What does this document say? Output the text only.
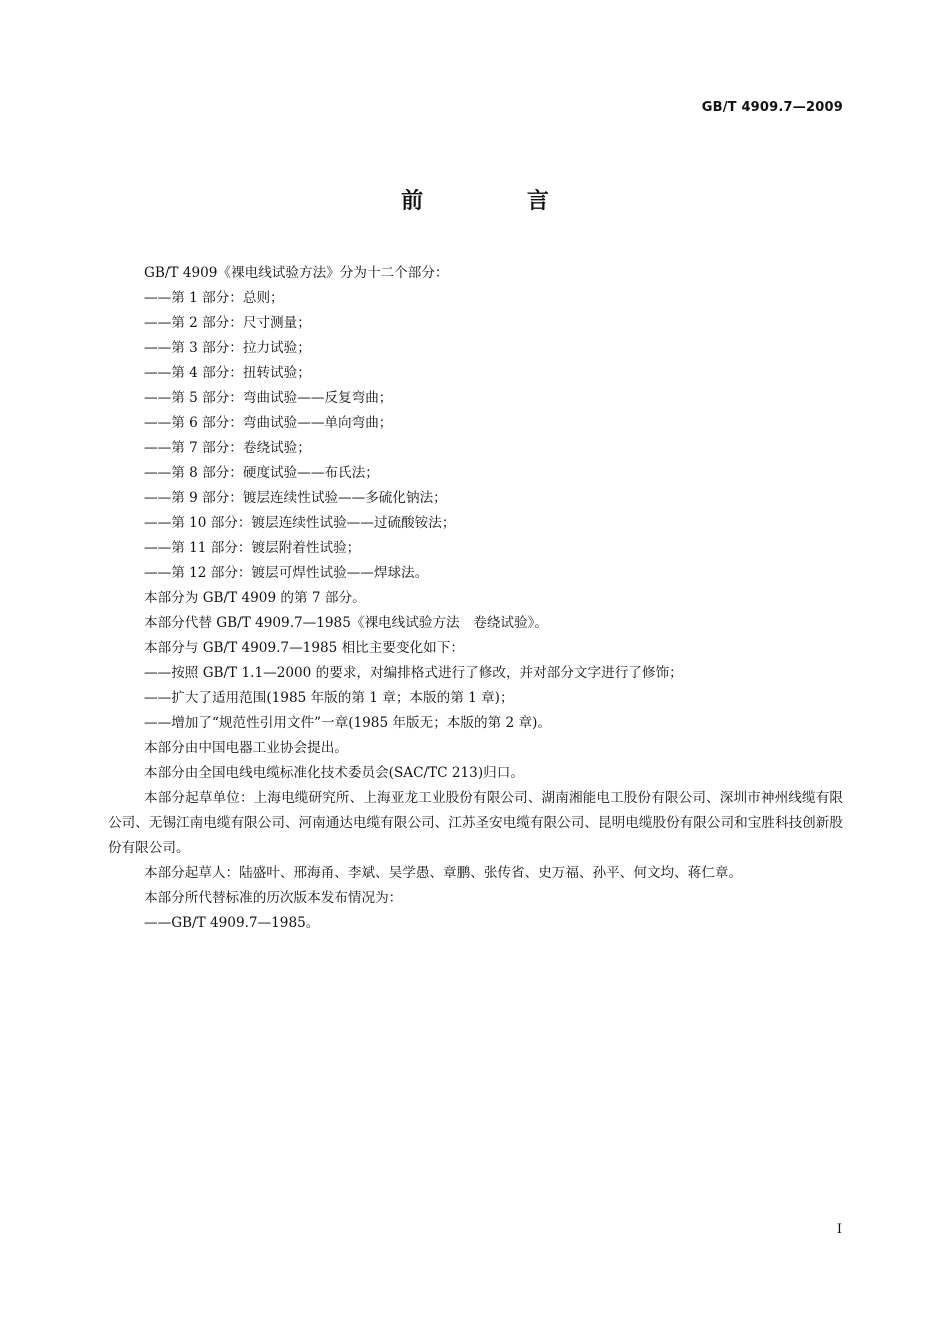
GB/T 4909.7—2009
前 言

GB/T 4909《裸电线试验方法》分为十二个部分：

——第 1 部分：总则；

——第 2 部分：尺寸测量；

——第 3 部分：拉力试验；

——第 4 部分：扭转试验；

——第 5 部分：弯曲试验——反复弯曲；

——第 6 部分：弯曲试验——单向弯曲；

——第 7 部分：卷绕试验；

——第 8 部分：硬度试验——布氏法；

——第 9 部分：镀层连续性试验——多硫化钠法；

——第 10 部分：镀层连续性试验——过硫酸铵法；

——第 11 部分：镀层附着性试验；

——第 12 部分：镀层可焊性试验——焊球法。

本部分为 GB/T 4909 的第 7 部分。

本部分代替 GB/T 4909.7—1985《裸电线试验方法　卷绕试验》。

本部分与 GB/T 4909.7—1985 相比主要变化如下：

——按照 GB/T 1.1—2000 的要求，对编排格式进行了修改，并对部分文字进行了修饰；

——扩大了适用范围(1985 年版的第 1 章；本版的第 1 章)；

——增加了“规范性引用文件”一章(1985 年版无；本版的第 2 章)。

本部分由中国电器工业协会提出。

本部分由全国电线电缆标准化技术委员会(SAC/TC 213)归口。

本部分起草单位：上海电缆研究所、上海亚龙工业股份有限公司、湖南湘能电工股份有限公司、深圳市神州线缆有限公司、无锡江南电缆有限公司、河南通达电缆有限公司、江苏圣安电缆有限公司、昆明电缆股份有限公司和宝胜科技创新股份有限公司。

本部分起草人：陆盛叶、邢海甬、李斌、吴学愚、章鹏、张传省、史万福、孙平、何文均、蒋仁章。

本部分所代替标准的历次版本发布情况为：

——GB/T 4909.7—1985。

I
